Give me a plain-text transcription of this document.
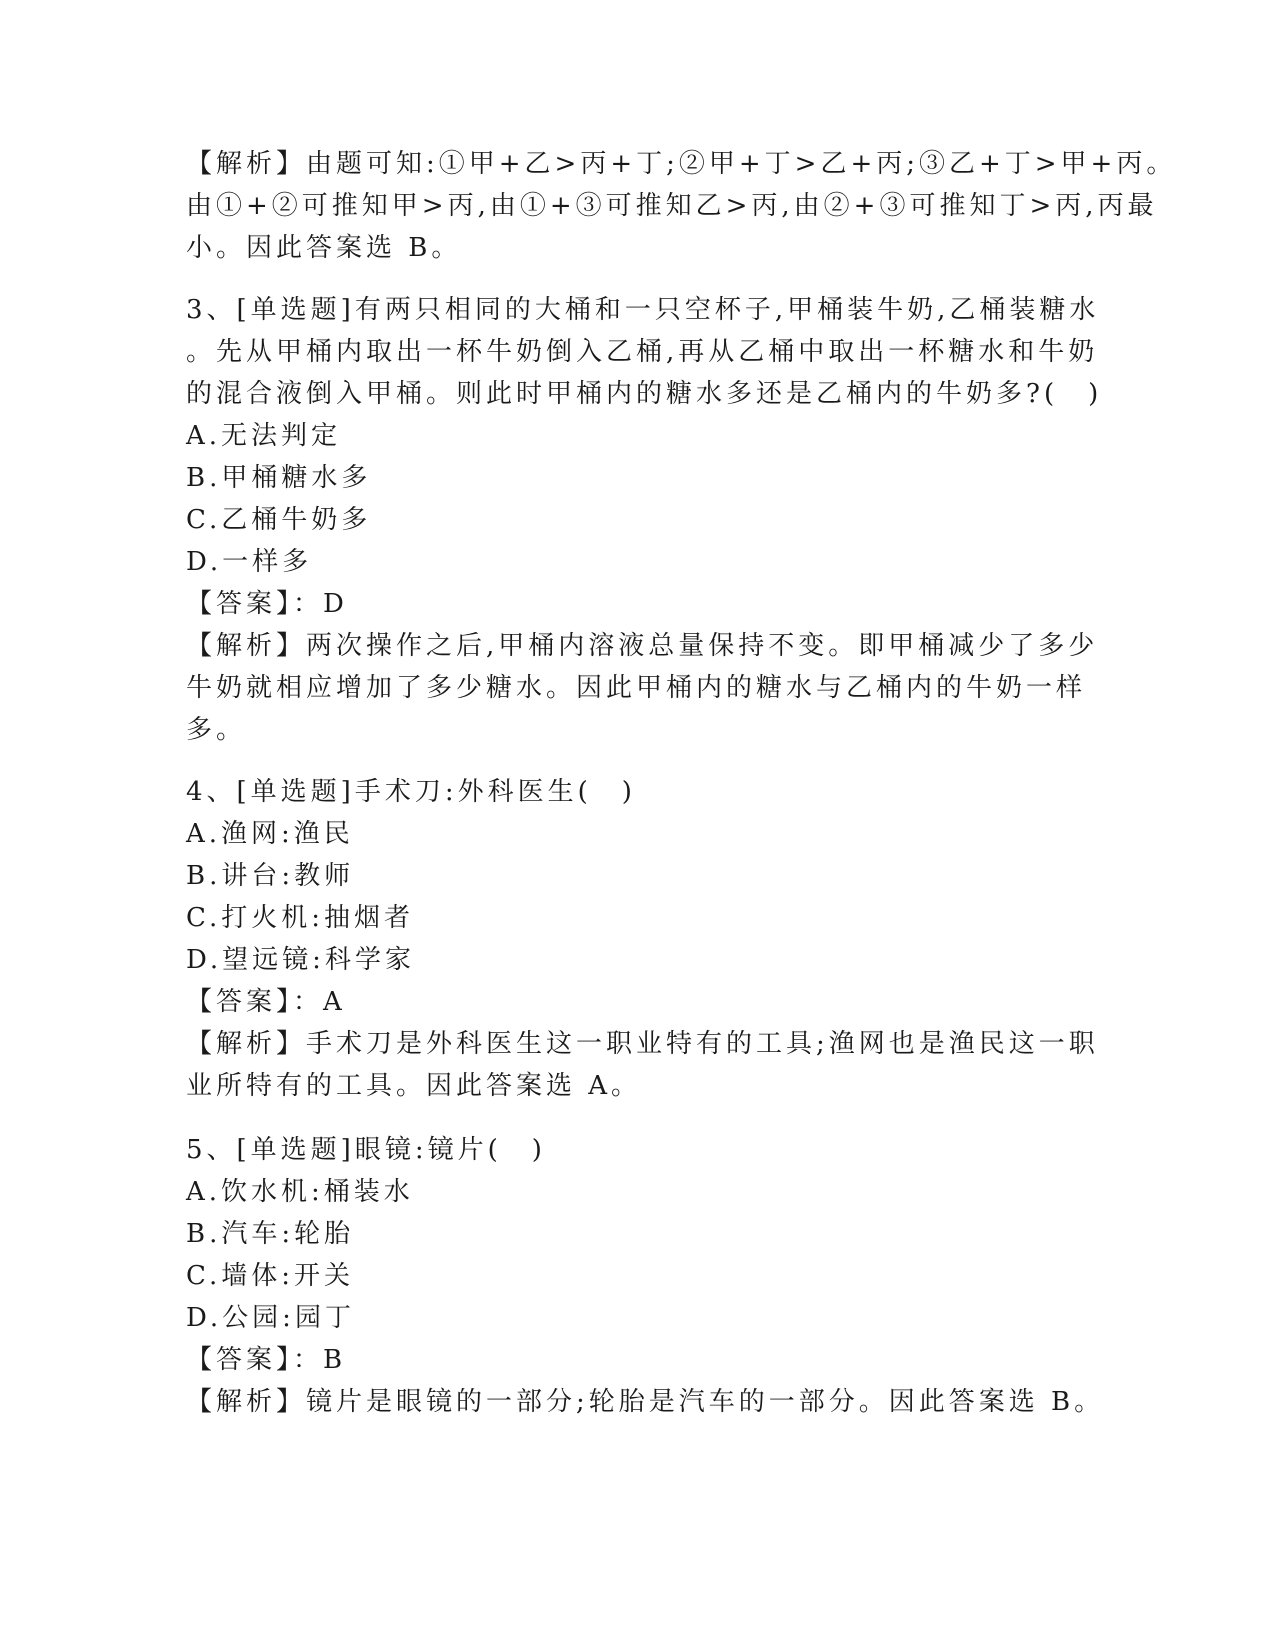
【解析】由题可知:①甲+乙>丙+丁;②甲+丁>乙+丙;③乙+丁>甲+丙。
由①+②可推知甲>丙,由①+③可推知乙>丙,由②+③可推知丁>丙,丙最
小。因此答案选 B。
3、[单选题]有两只相同的大桶和一只空杯子,甲桶装牛奶,乙桶装糖水
。先从甲桶内取出一杯牛奶倒入乙桶,再从乙桶中取出一杯糖水和牛奶
的混合液倒入甲桶。则此时甲桶内的糖水多还是乙桶内的牛奶多?(　)
A.无法判定
B.甲桶糖水多
C.乙桶牛奶多
D.一样多
【答案】：D
【解析】两次操作之后,甲桶内溶液总量保持不变。即甲桶减少了多少
牛奶就相应增加了多少糖水。因此甲桶内的糖水与乙桶内的牛奶一样
多。
4、[单选题]手术刀:外科医生(　)
A.渔网:渔民
B.讲台:教师
C.打火机:抽烟者
D.望远镜:科学家
【答案】：A
【解析】手术刀是外科医生这一职业特有的工具;渔网也是渔民这一职
业所特有的工具。因此答案选 A。
5、[单选题]眼镜:镜片(　)
A.饮水机:桶装水
B.汽车:轮胎
C.墙体:开关
D.公园:园丁
【答案】：B
【解析】镜片是眼镜的一部分;轮胎是汽车的一部分。因此答案选 B。
